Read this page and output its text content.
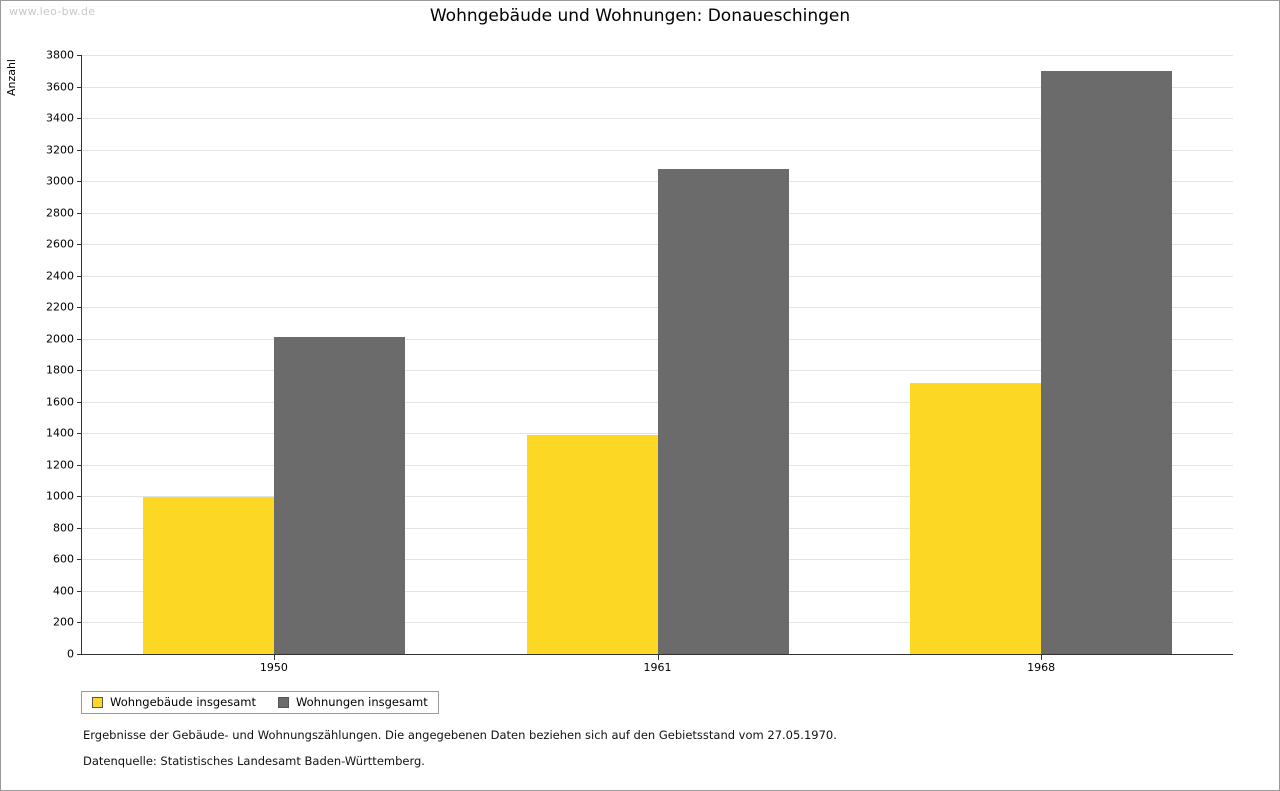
www.leo-bw.de	Wohngebäude und Wohnungen: Donaueschingen
Anzahl
0
200
400
600
800
1000
1200
1400
1600
1800
2000
2200
2400
2600
2800
3000
3200
3400
3600
3800
1950	1961	1968
Wohngebäude insgesamt	Wohnungen insgesamt
Ergebnisse der Gebäude- und Wohnungszählungen. Die angegebenen Daten beziehen sich auf den Gebietsstand vom 27.05.1970.
Datenquelle: Statistisches Landesamt Baden-Württemberg.
